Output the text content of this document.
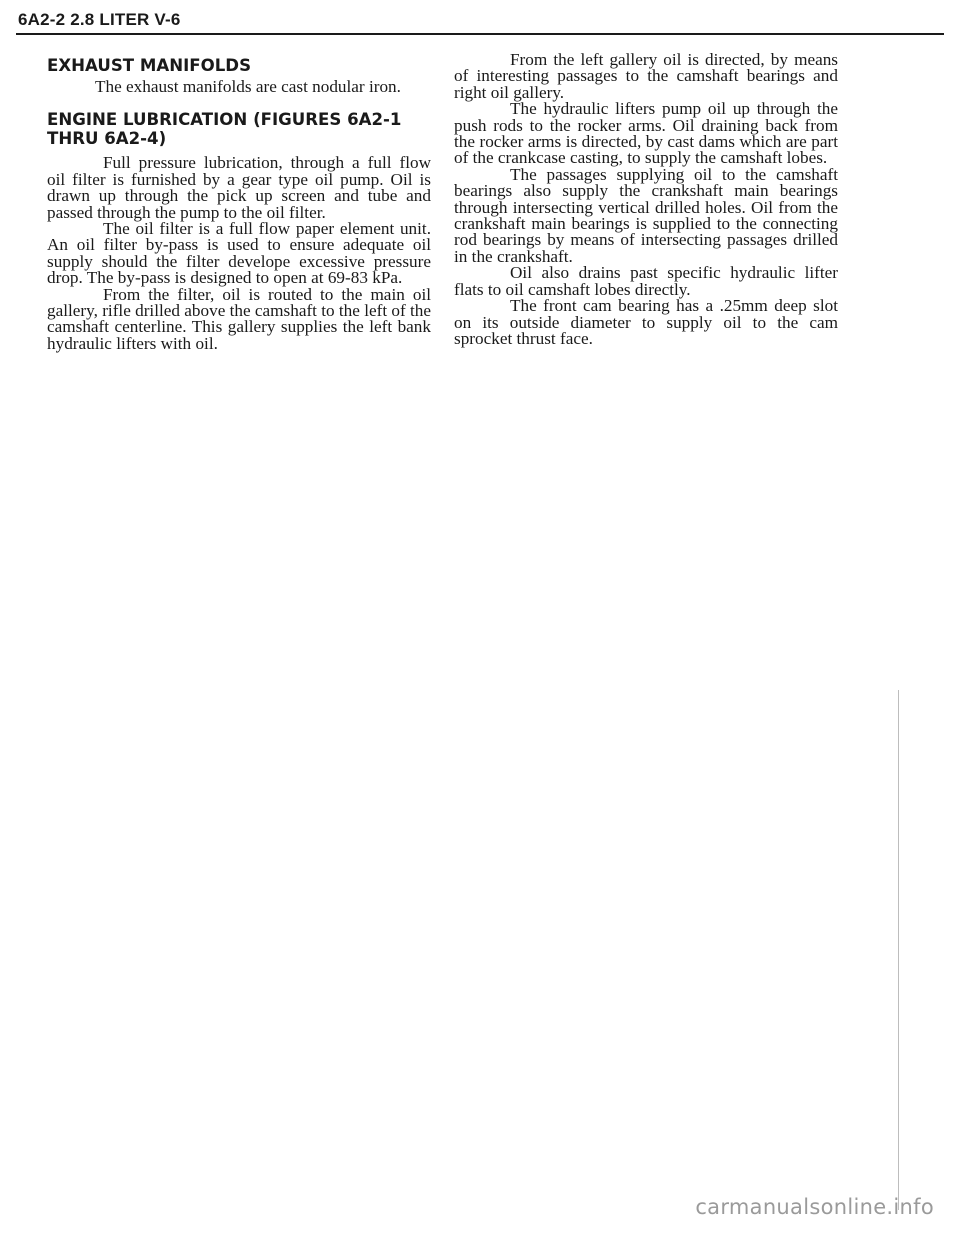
6A2-2 2.8 LITER V-6
EXHAUST MANIFOLDS

The exhaust manifolds are cast nodular iron.

ENGINE LUBRICATION (FIGURES 6A2-1 THRU 6A2-4)

Full pressure lubrication, through a full flow oil filter is furnished by a gear type oil pump. Oil is drawn up through the pick up screen and tube and passed through the pump to the oil filter.

The oil filter is a full flow paper element unit. An oil filter by-pass is used to ensure adequate oil supply should the filter develope excessive pressure drop. The by-pass is designed to open at 69-83 kPa.

From the filter, oil is routed to the main oil gallery, rifle drilled above the camshaft to the left of the camshaft centerline. This gallery supplies the left bank hydraulic lifters with oil.

From the left gallery oil is directed, by means of interesting passages to the camshaft bearings and right oil gallery.

The hydraulic lifters pump oil up through the push rods to the rocker arms. Oil draining back from the rocker arms is directed, by cast dams which are part of the crankcase casting, to supply the camshaft lobes.

The passages supplying oil to the camshaft bearings also supply the crankshaft main bearings through intersecting vertical drilled holes. Oil from the crankshaft main bearings is supplied to the connecting rod bearings by means of intersecting passages drilled in the crankshaft.

Oil also drains past specific hydraulic lifter flats to oil camshaft lobes directly.

The front cam bearing has a .25mm deep slot on its outside diameter to supply oil to the cam sprocket thrust face.

carmanualsonline.info
